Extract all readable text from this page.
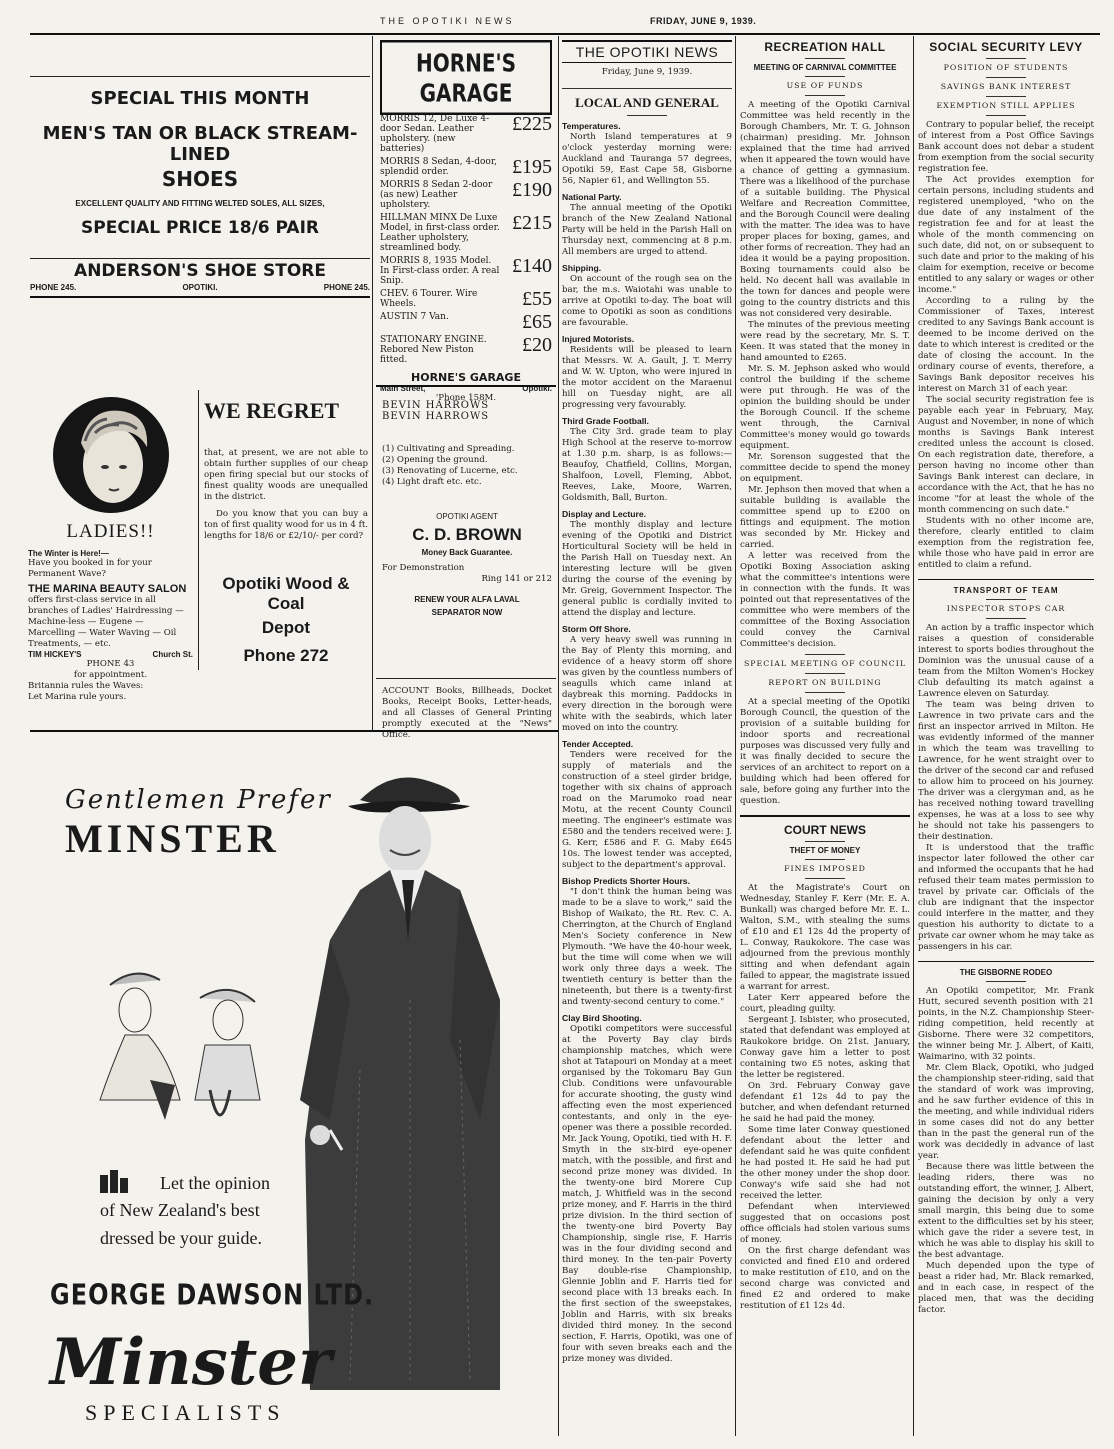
THE OPOTIKI NEWS	FRIDAY, JUNE 9, 1939.
SPECIAL THIS MONTH
MEN'S TAN OR BLACK STREAM-LINED
SHOES
EXCELLENT QUALITY AND FITTING WELTED SOLES, ALL SIZES,
SPECIAL PRICE 18/6 PAIR
ANDERSON'S SHOE STORE
PHONE 245.	OPOTIKI.	PHONE 245.
LADIES!!
The Winter is Here!—
Have you booked in for your Permanent Wave?
THE MARINA BEAUTY SALON
offers first-class service in all branches of Ladies' Hairdressing — Machine-less — Eugene — Marcelling — Water Waving — Oil Treatments, — etc.
TIM HICKEY'S	Church St.
PHONE 43
for appointment.
Britannia rules the Waves:
Let Marina rule yours.
WE REGRET
that, at present, we are not able to obtain further supplies of our cheap open firing special but our stocks of finest quality woods are unequalled in the district.
Do you know that you can buy a ton of first quality wood for us in 4 ft. lengths for 18/6 or £2/10/- per cord?
Opotiki Wood & Coal
Depot
Phone 272
HORNE'S GARAGE
MORRIS 12, De Luxe 4-door Sedan. Leather upholstery. (new batteries)
£225
MORRIS 8 Sedan, 4-door, splendid order.	£195
MORRIS 8 Sedan 2-door (as new) Leather upholstery.
£190
HILLMAN MINX De Luxe Model, in first-class order. Leather upholstery, streamlined body.
£215
MORRIS 8, 1935 Model. In First-class order. A real Snip.
£140
CHEV. 6 Tourer. Wire Wheels.	£55
AUSTIN 7 Van.	£65
STATIONARY ENGINE. Rebored New Piston fitted.
£20
HORNE'S GARAGE
Main Street,	Opotiki.
'Phone 158M.
BEVIN HARROWS
BEVIN HARROWS
(1) Cultivating and Spreading.
(2) Opening the ground.
(3) Renovating of Lucerne, etc.
(4) Light draft etc. etc.
OPOTIKI AGENT
C. D. BROWN
Money Back Guarantee.
For Demonstration
Ring 141 or 212
RENEW YOUR ALFA LAVAL
SEPARATOR NOW
ACCOUNT Books, Billheads, Docket Books, Receipt Books, Letter-heads, and all Classes of General Printing promptly executed at the "News" Office.
Gentlemen Prefer
MINSTER
Let the opinion
of New Zealand's best
dressed be your guide.
GEORGE DAWSON LTD.
Minster
SPECIALISTS
THE OPOTIKI NEWS
Friday, June 9, 1939.
LOCAL AND GENERAL
Temperatures.

North Island temperatures at 9 o'clock yesterday morning were: Auckland and Tauranga 57 degrees, Opotiki 59, East Cape 58, Gisborne 56, Napier 61, and Wellington 55.

National Party.

The annual meeting of the Opotiki branch of the New Zealand National Party will be held in the Parish Hall on Thursday next, commencing at 8 p.m. All members are urged to attend.

Shipping.

On account of the rough sea on the bar, the m.s. Waiotahi was unable to arrive at Opotiki to-day. The boat will come to Opotiki as soon as conditions are favourable.

Injured Motorists.

Residents will be pleased to learn that Messrs. W. A. Gault, J. T. Merry and W. W. Upton, who were injured in the motor accident on the Maraenui hill on Tuesday night, are all progressing very favourably.

Third Grade Football.

The City 3rd. grade team to play High School at the reserve to-morrow at 1.30 p.m. sharp, is as follows:— Beaufoy, Chatfield, Collins, Morgan, Shalfoon, Lovell, Fleming, Abbot, Reeves, Lake, Moore, Warren, Goldsmith, Ball, Burton.

Display and Lecture.

The monthly display and lecture evening of the Opotiki and District Horticultural Society will be held in the Parish Hall on Tuesday next. An interesting lecture will be given during the course of the evening by Mr. Greig, Government Inspector. The general public is cordially invited to attend the display and lecture.

Storm Off Shore.

A very heavy swell was running in the Bay of Plenty this morning, and evidence of a heavy storm off shore was given by the countless numbers of seagulls which came inland at daybreak this morning. Paddocks in every direction in the borough were white with the seabirds, which later moved on into the country.

Tender Accepted.

Tenders were received for the supply of materials and the construction of a steel girder bridge, together with six chains of approach road on the Marumoko road near Motu, at the recent County Council meeting. The engineer's estimate was £580 and the tenders received were: J. G. Kerr, £586 and F. G. Maby £645 10s. The lowest tender was accepted, subject to the department's approval.

Bishop Predicts Shorter Hours.

"I don't think the human being was made to be a slave to work," said the Bishop of Waikato, the Rt. Rev. C. A. Cherrington, at the Church of England Men's Society conference in New Plymouth. "We have the 40-hour week, but the time will come when we will work only three days a week. The twentieth century is better than the nineteenth, but there is a twenty-first and twenty-second century to come."

Clay Bird Shooting.

Opotiki competitors were successful at the Poverty Bay clay birds championship matches, which were shot at Tatapouri on Monday at a meet organised by the Tokomaru Bay Gun Club. Conditions were unfavourable for accurate shooting, the gusty wind affecting even the most experienced contestants, and only in the eye-opener was there a possible recorded. Mr. Jack Young, Opotiki, tied with H. F. Smyth in the six-bird eye-opener match, with the possible, and first and second prize money was divided. In the twenty-one bird Morere Cup match, J. Whitfield was in the second prize money, and F. Harris in the third prize division. In the third section of the twenty-one bird Poverty Bay Championship, single rise, F. Harris was in the four dividing second and third money. In the ten-pair Poverty Bay double-rise Championship, Glennie Joblin and F. Harris tied for second place with 13 breaks each. In the first section of the sweepstakes, Joblin and Harris, with six breaks divided third money. In the second section, F. Harris, Opotiki, was one of four with seven breaks each and the prize money was divided.

RECREATION HALL
MEETING OF CARNIVAL COMMITTEE
USE OF FUNDS

A meeting of the Opotiki Carnival Committee was held recently in the Borough Chambers, Mr. T. G. Johnson (chairman) presiding. Mr. Johnson explained that the time had arrived when it appeared the town would have a chance of getting a gymnasium. There was a likelihood of the purchase of a suitable building. The Physical Welfare and Recreation Committee, and the Borough Council were dealing with the matter. The idea was to have proper places for boxing, games, and other forms of recreation. They had an idea it would be a paying proposition. Boxing tournaments could also be held. No decent hall was available in the town for dances and people were going to the country districts and this was not considered very desirable.

The minutes of the previous meeting were read by the secretary, Mr. S. T. Keen. It was stated that the money in hand amounted to £265.

Mr. S. M. Jephson asked who would control the building if the scheme were put through. He was of the opinion the building should be under the Borough Council. If the scheme went through, the Carnival Committee's money would go towards equipment.

Mr. Sorenson suggested that the committee decide to spend the money on equipment.

Mr. Jephson then moved that when a suitable building is available the committee spend up to £200 on fittings and equipment. The motion was seconded by Mr. Hickey and carried.

A letter was received from the Opotiki Boxing Association asking what the committee's intentions were in connection with the funds. It was pointed out that representatives of the committee who were members of the committee of the Boxing Association could convey the Carnival Committee's decision.

SPECIAL MEETING OF COUNCIL
REPORT ON BUILDING

At a special meeting of the Opotiki Borough Council, the question of the provision of a suitable building for indoor sports and recreational purposes was discussed very fully and it was finally decided to secure the services of an architect to report on a building which had been offered for sale, before going any further into the question.

COURT NEWS
THEFT OF MONEY
FINES IMPOSED

At the Magistrate's Court on Wednesday, Stanley F. Kerr (Mr. E. A. Bunkall) was charged before Mr. E. L. Walton, S.M., with stealing the sums of £10 and £1 12s 4d the property of L. Conway, Raukokore. The case was adjourned from the previous monthly sitting and when defendant again failed to appear, the magistrate issued a warrant for arrest.

Later Kerr appeared before the court, pleading guilty.

Sergeant J. Isbister, who prosecuted, stated that defendant was employed at Raukokore bridge. On 21st. January, Conway gave him a letter to post containing two £5 notes, asking that the letter be registered.

On 3rd. February Conway gave defendant £1 12s 4d to pay the butcher, and when defendant returned he said he had paid the money.

Some time later Conway questioned defendant about the letter and defendant said he was quite confident he had posted it. He said he had put the other money under the shop door. Conway's wife said she had not received the letter.

Defendant when interviewed suggested that on occasions post office officials had stolen various sums of money.

On the first charge defendant was convicted and fined £10 and ordered to make restitution of £10, and on the second charge was convicted and fined £2 and ordered to make restitution of £1 12s 4d.

SOCIAL SECURITY LEVY
POSITION OF STUDENTS
SAVINGS BANK INTEREST
EXEMPTION STILL APPLIES

Contrary to popular belief, the receipt of interest from a Post Office Savings Bank account does not debar a student from exemption from the social security registration fee.

The Act provides exemption for certain persons, including students and registered unemployed, "who on the due date of any instalment of the registration fee and for at least the whole of the month commencing on such date, did not, on or subsequent to such date and prior to the making of his claim for exemption, receive or become entitled to any salary or wages or other income."

According to a ruling by the Commissioner of Taxes, interest credited to any Savings Bank account is deemed to be income derived on the date to which interest is credited or the date of closing the account. In the ordinary course of events, therefore, a Savings Bank depositor receives his interest on March 31 of each year.

The social security registration fee is payable each year in February, May, August and November, in none of which months is Savings Bank interest credited unless the account is closed. On each registration date, therefore, a person having no income other than Savings Bank interest can declare, in accordance with the Act, that he has no income "for at least the whole of the month commencing on such date."

Students with no other income are, therefore, clearly entitled to claim exemption from the registration fee, while those who have paid in error are entitled to claim a refund.

TRANSPORT OF TEAM
INSPECTOR STOPS CAR

An action by a traffic inspector which raises a question of considerable interest to sports bodies throughout the Dominion was the unusual cause of a team from the Milton Women's Hockey Club defaulting its match against a Lawrence eleven on Saturday.

The team was being driven to Lawrence in two private cars and the first an inspector arrived in Milton. He was evidently informed of the manner in which the team was travelling to Lawrence, for he went straight over to the driver of the second car and refused to allow him to proceed on his journey. The driver was a clergyman and, as he has received nothing toward travelling expenses, he was at a loss to see why he should not take his passengers to their destination.

It is understood that the traffic inspector later followed the other car and informed the occupants that he had refused their team mates permission to travel by private car. Officials of the club are indignant that the inspector could interfere in the matter, and they question his authority to dictate to a private car owner whom he may take as passengers in his car.

THE GISBORNE RODEO

An Opotiki competitor, Mr. Frank Hutt, secured seventh position with 21 points, in the N.Z. Championship Steer-riding competition, held recently at Gisborne. There were 32 competitors, the winner being Mr. J. Albert, of Kaiti, Waimarino, with 32 points.

Mr. Clem Black, Opotiki, who judged the championship steer-riding, said that the standard of work was improving, and he saw further evidence of this in the meeting, and while individual riders in some cases did not do any better than in the past the general run of the work was decidedly in advance of last year.

Because there was little between the leading riders, there was no outstanding effort, the winner, J. Albert, gaining the decision by only a very small margin, this being due to some extent to the difficulties set by his steer, which gave the rider a severe test, in which he was able to display his skill to the best advantage.

Much depended upon the type of beast a rider had, Mr. Black remarked, and in each case, in respect of the placed men, that was the deciding factor.
